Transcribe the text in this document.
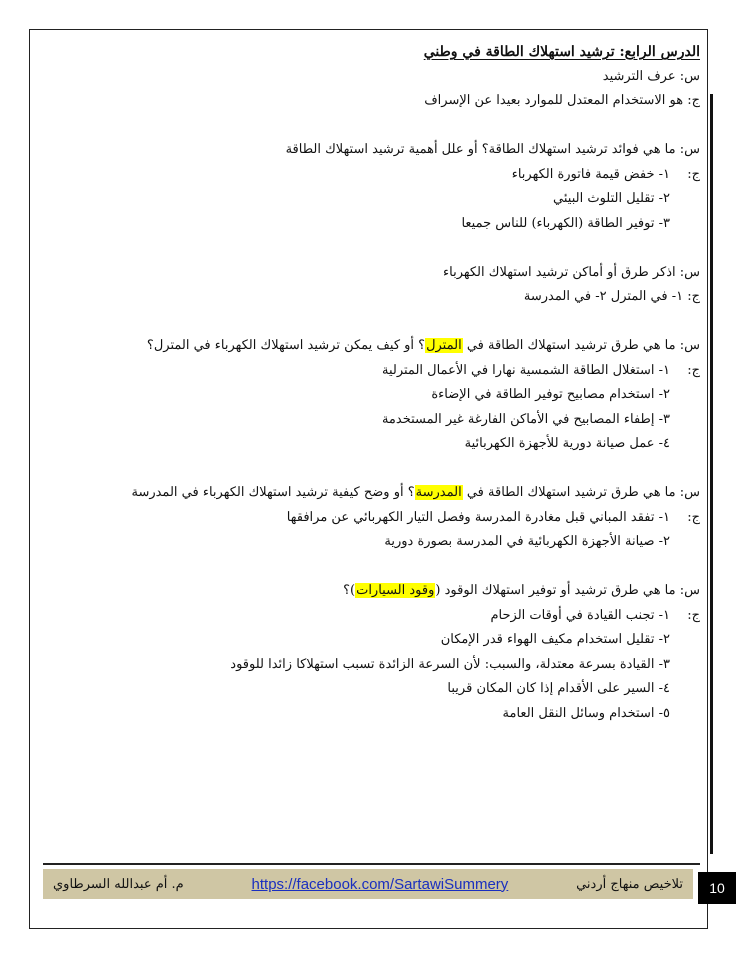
الدرس الرابع: ترشيد استهلاك الطاقة في وطني
س: عرف الترشيد
ج: هو الاستخدام المعتدل للموارد بعيدا عن الإسراف
س: ما هي فوائد ترشيد استهلاك الطاقة؟ أو علل أهمية ترشيد استهلاك الطاقة
ج:١- خفض قيمة فاتورة الكهرباء
٢- تقليل التلوث البيئي
٣- توفير الطاقة (الكهرباء) للناس جميعا
س: اذكر طرق أو أماكن ترشيد استهلاك الكهرباء
ج: ١- في المترل ٢- في المدرسة
س: ما هي طرق ترشيد استهلاك الطاقة في المترل؟ أو كيف يمكن ترشيد استهلاك الكهرباء في المترل؟
ج:١- استغلال الطاقة الشمسية نهارا في الأعمال المترلية
٢- استخدام مصابيح توفير الطاقة في الإضاءة
٣- إطفاء المصابيح في الأماكن الفارغة غير المستخدمة
٤- عمل صيانة دورية للأجهزة الكهربائية
س: ما هي طرق ترشيد استهلاك الطاقة في المدرسة؟ أو وضح كيفية ترشيد استهلاك الكهرباء في المدرسة
ج:١- تفقد المباني قبل مغادرة المدرسة وفصل التيار الكهربائي عن مرافقها
٢- صيانة الأجهزة الكهربائية في المدرسة بصورة دورية
س: ما هي طرق ترشيد أو توفير استهلاك الوقود (وقود السيارات)؟
ج:١- تجنب القيادة في أوقات الزحام
٢- تقليل استخدام مكيف الهواء قدر الإمكان
٣- القيادة بسرعة معتدلة، والسبب: لأن السرعة الزائدة تسبب استهلاكا زائدا للوقود
٤- السير على الأقدام إذا كان المكان قريبا
٥- استخدام وسائل النقل العامة
تلاخيص منهاج أردني
https://facebook.com/SartawiSummery
م. أم عبدالله السرطاوي	10
